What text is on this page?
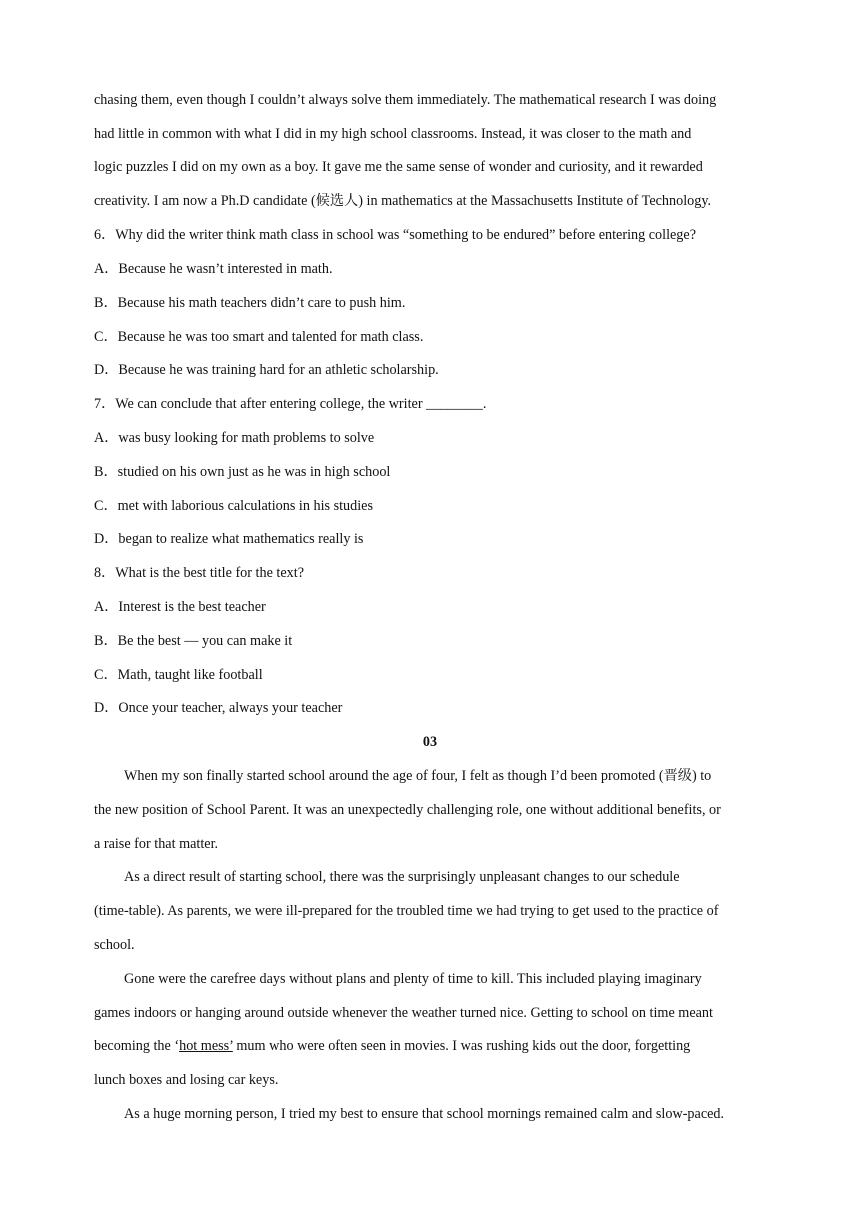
chasing them, even though I couldn’t always solve them immediately. The mathematical research I was doing
had little in common with what I did in my high school classrooms. Instead, it was closer to the math and
logic puzzles I did on my own as a boy. It gave me the same sense of wonder and curiosity, and it rewarded
creativity. I am now a Ph.D candidate (候选人) in mathematics at the Massachusetts Institute of Technology.
6．Why did the writer think math class in school was “something to be endured” before entering college?
A．Because he wasn’t interested in math.
B．Because his math teachers didn’t care to push him.
C．Because he was too smart and talented for math class.
D．Because he was training hard for an athletic scholarship.
7．We can conclude that after entering college, the writer ________.
A．was busy looking for math problems to solve
B．studied on his own just as he was in high school
C．met with laborious calculations in his studies
D．began to realize what mathematics really is
8．What is the best title for the text?
A．Interest is the best teacher
B．Be the best — you can make it
C．Math, taught like football
D．Once your teacher, always your teacher
03
When my son finally started school around the age of four, I felt as though I’d been promoted (晋级) to
the new position of School Parent. It was an unexpectedly challenging role, one without additional benefits, or
a raise for that matter.
As a direct result of starting school, there was the surprisingly unpleasant changes to our schedule
(time-table). As parents, we were ill-prepared for the troubled time we had trying to get used to the practice of
school.
Gone were the carefree days without plans and plenty of time to kill. This included playing imaginary
games indoors or hanging around outside whenever the weather turned nice. Getting to school on time meant
becoming the ‘hot mess’ mum who were often seen in movies. I was rushing kids out the door, forgetting
lunch boxes and losing car keys.
As a huge morning person, I tried my best to ensure that school mornings remained calm and slow-paced.
